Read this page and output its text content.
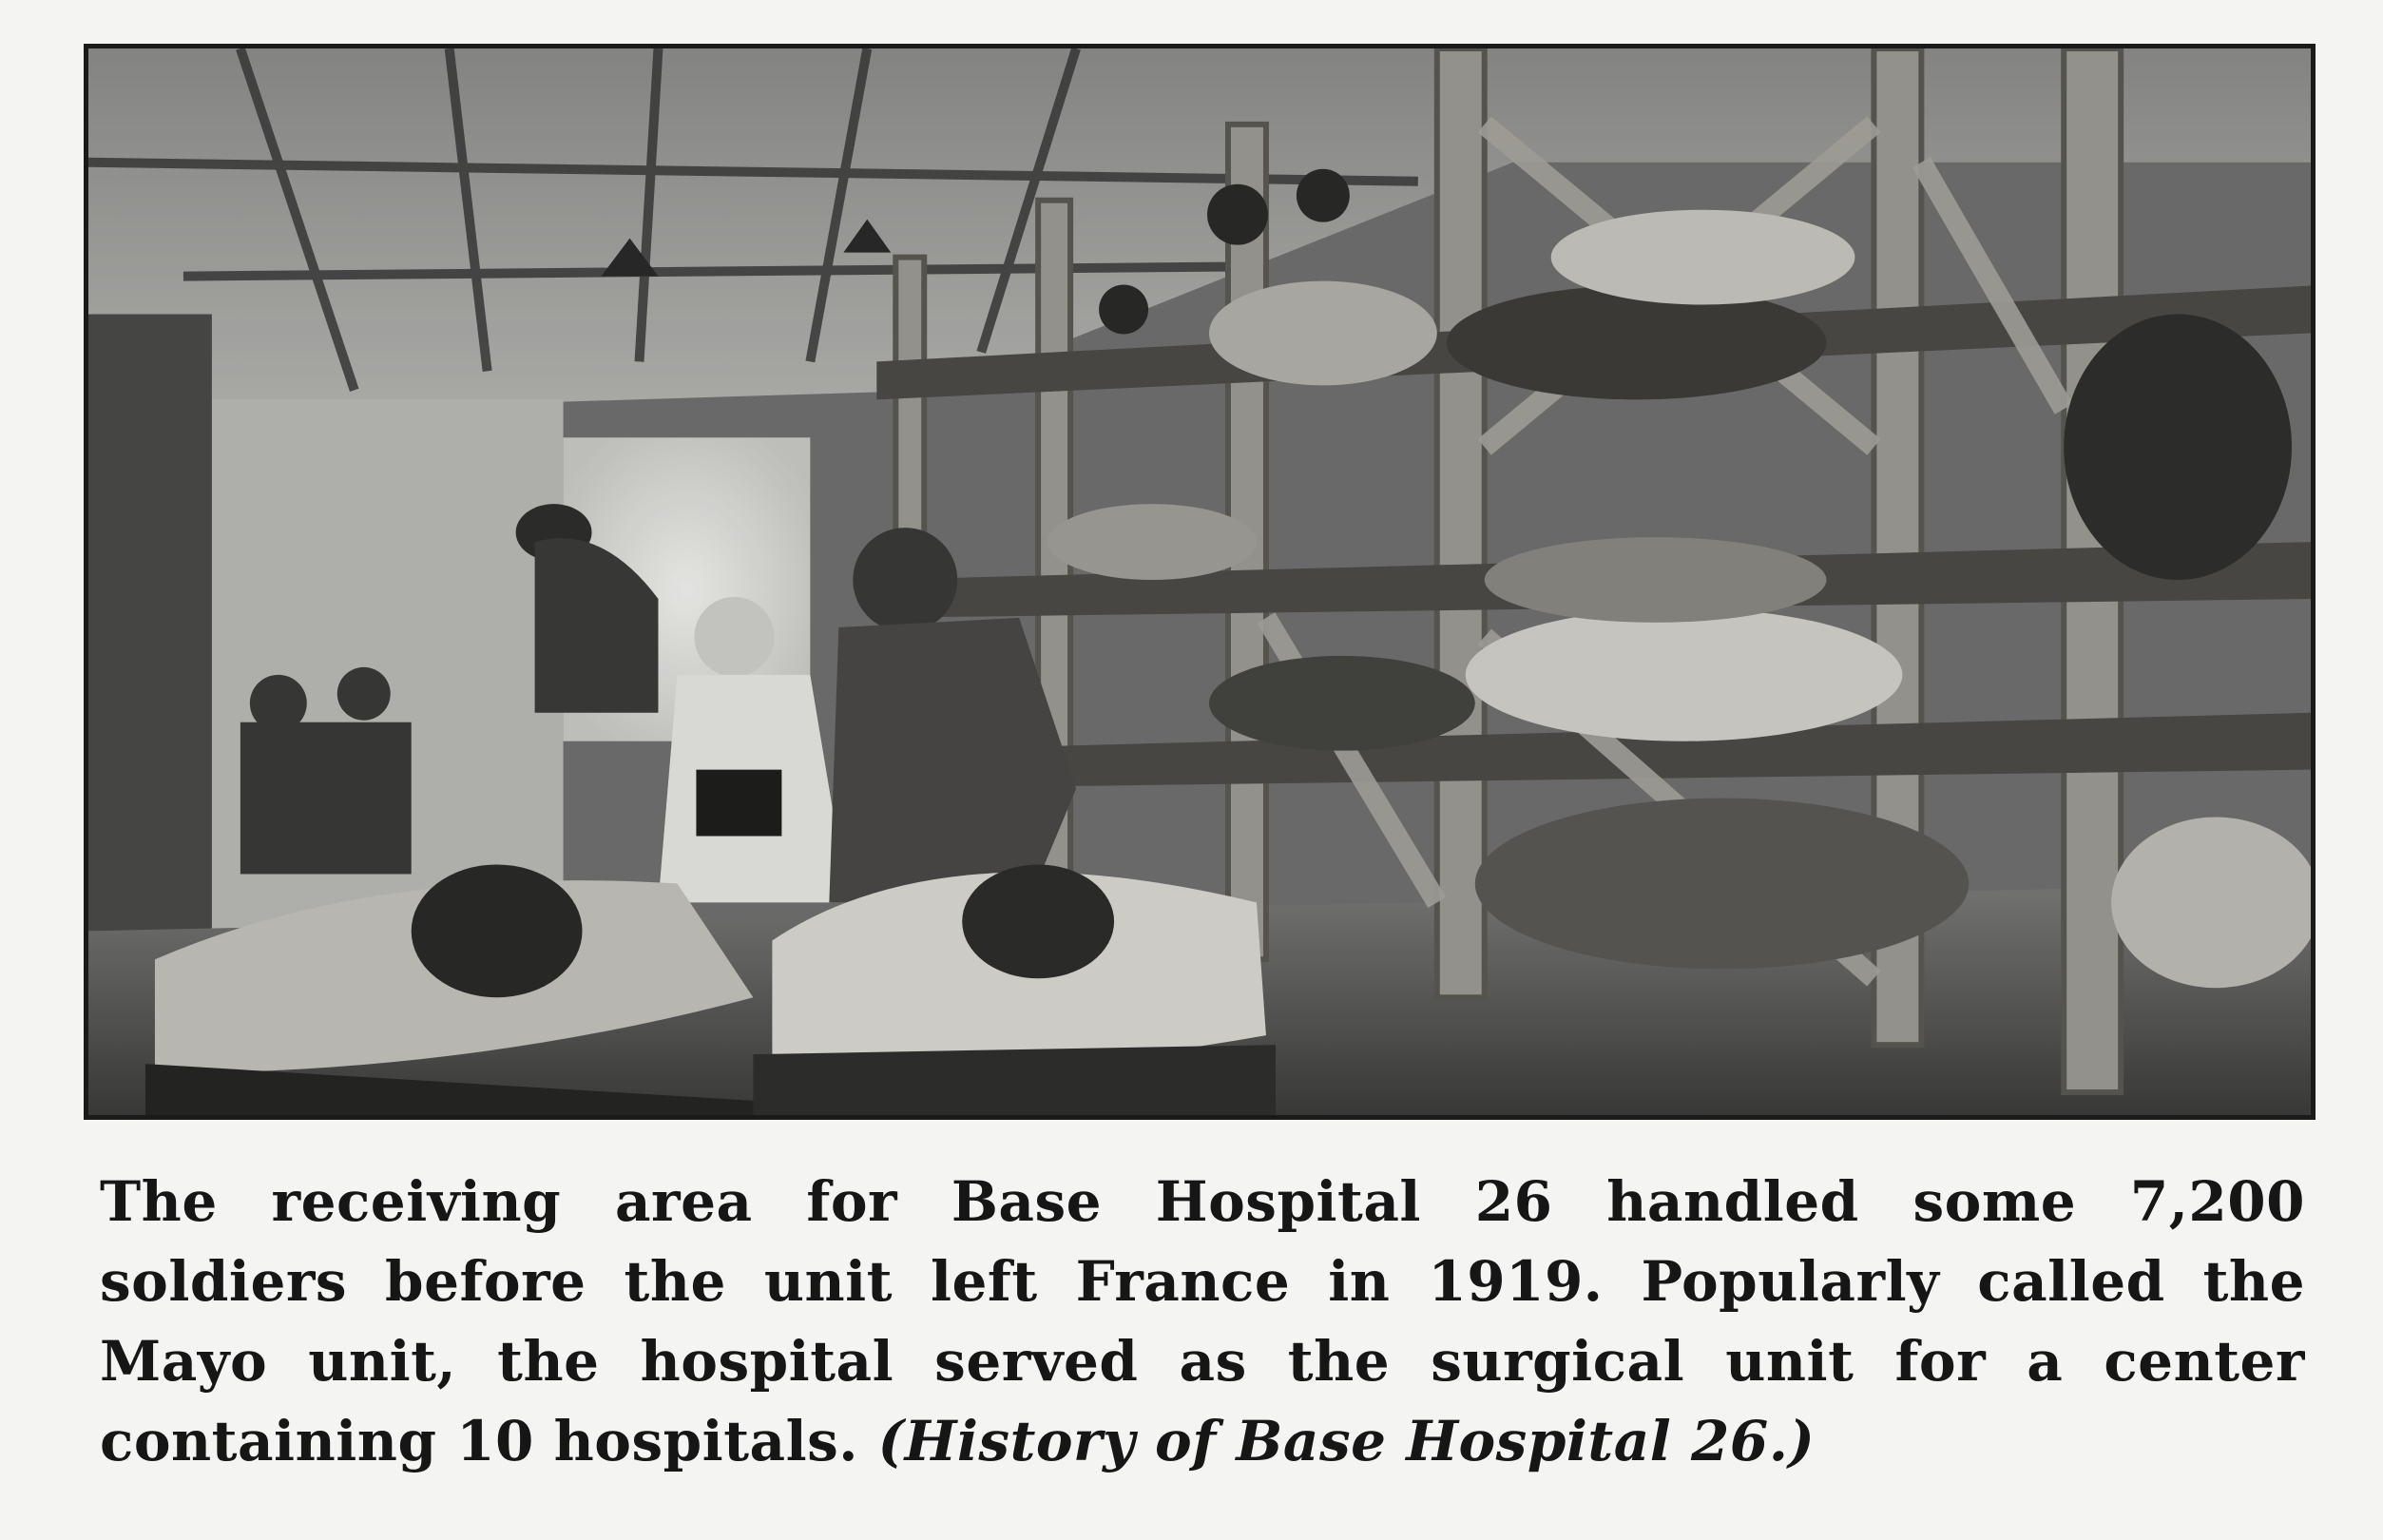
The receiving area for Base Hospital 26 handled some 7,200
soldiers before the unit left France in 1919. Popularly called the
Mayo unit, the hospital served as the surgical unit for a center
containing 10 hospitals. (History of Base Hospital 26.)
